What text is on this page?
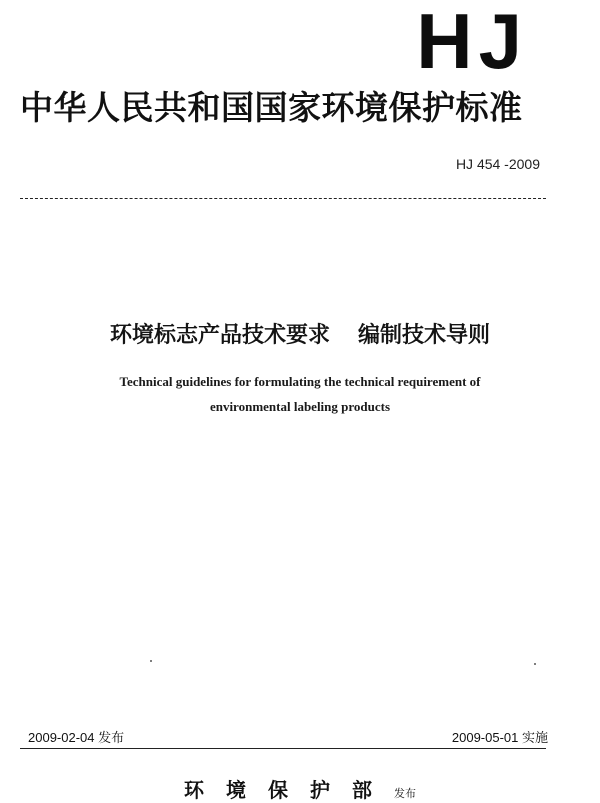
HJ
中华人民共和国国家环境保护标准
HJ 454 -2009
环境标志产品技术要求 编制技术导则
Technical guidelines for formulating the technical requirement of
environmental labeling products
2009-02-04 发布	2009-05-01 实施
环境保护部发布
